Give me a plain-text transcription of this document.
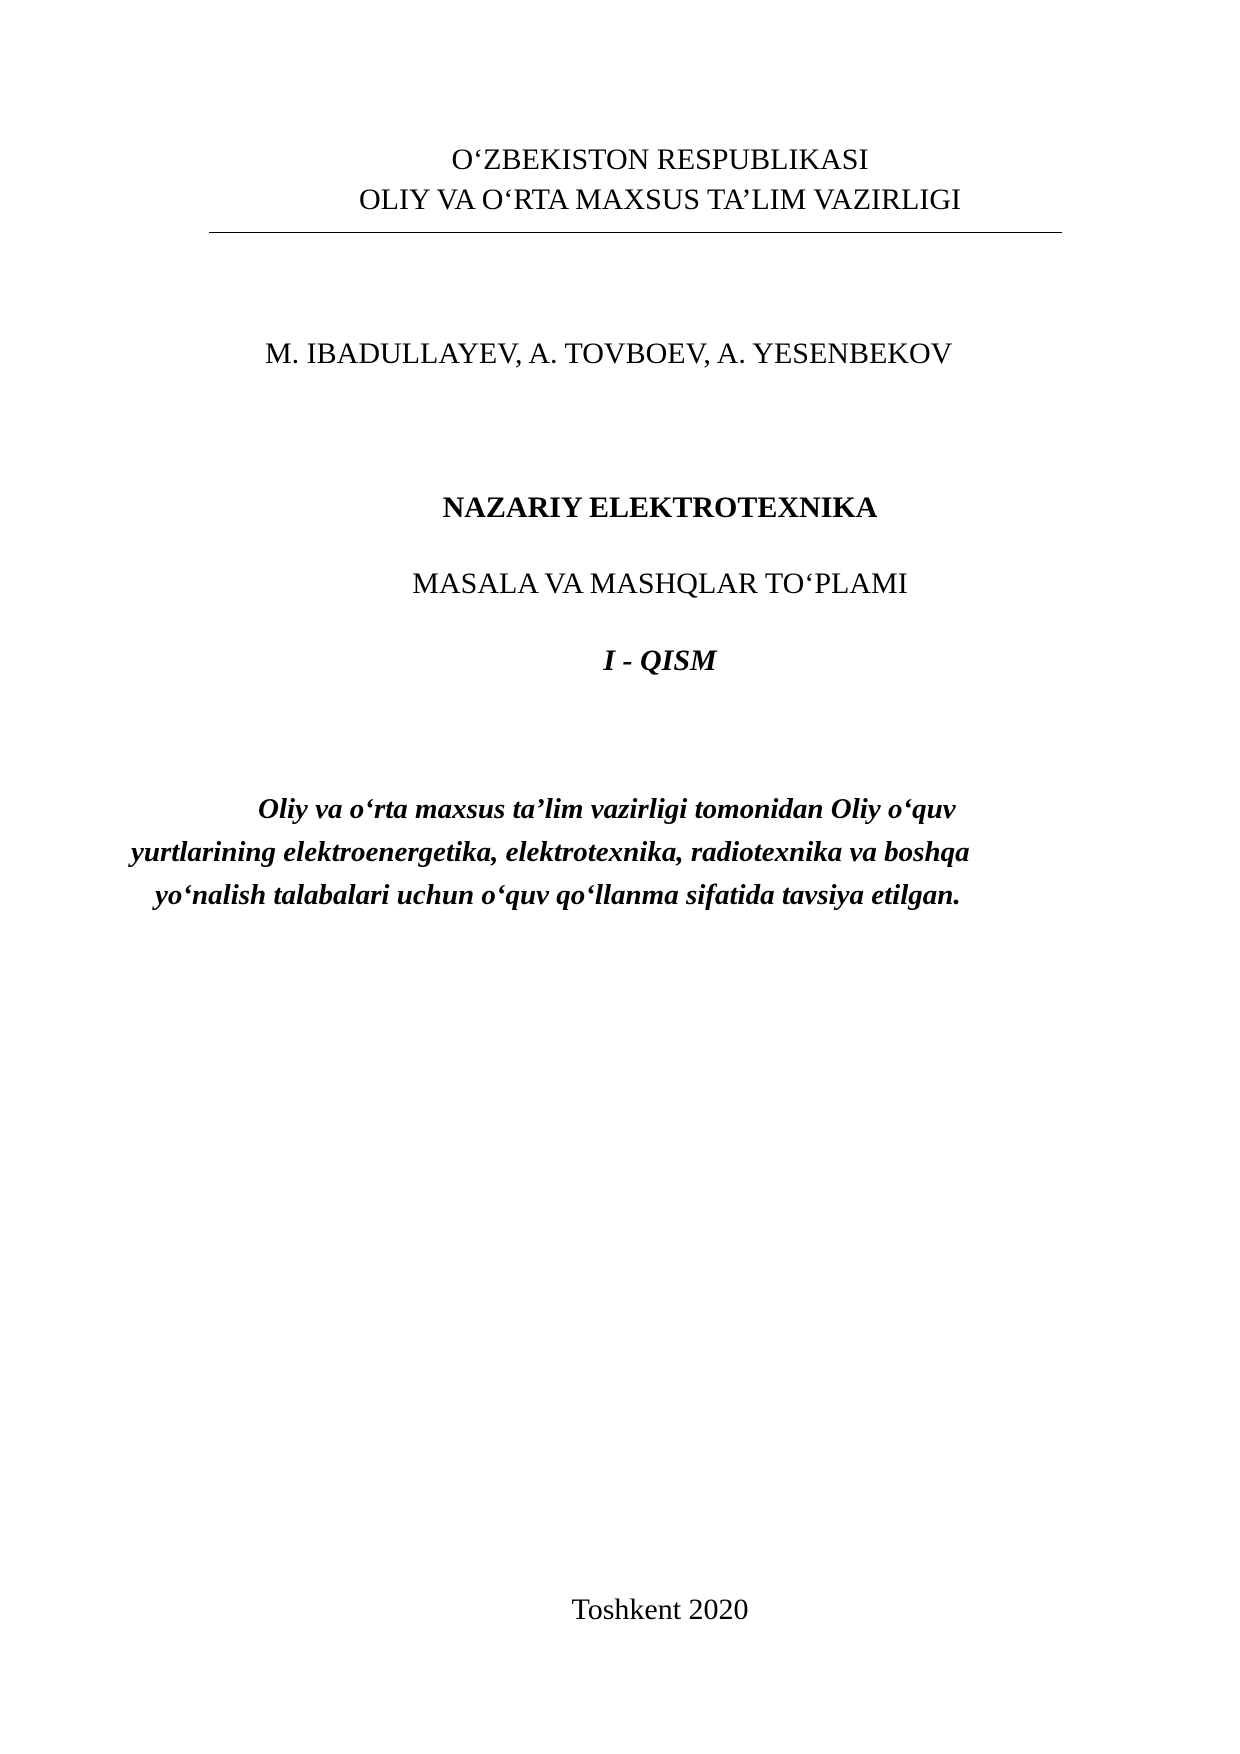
O‘ZBEKISTON RESPUBLIKASI
OLIY VA O‘RTA MAXSUS TA’LIM VAZIRLIGI
M. IBADULLAYEV, A. TOVBOEV, A. YESENBEKOV
NAZARIY ELEKTROTEXNIKA
MASALA VA MASHQLAR TO‘PLAMI
I - QISM
Oliy va o‘rta maxsus ta’lim vazirligi tomonidan Oliy o‘quv
yurtlarining elektroenergetika, elektrotexnika, radiotexnika va boshqa
yo‘nalish talabalari uchun o‘quv qo‘llanma sifatida tavsiya etilgan.
Toshkent 2020
